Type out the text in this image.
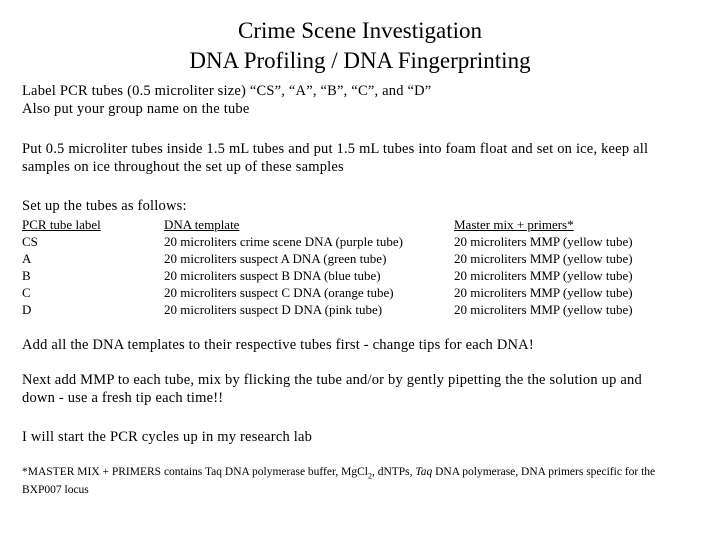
Crime Scene Investigation
DNA Profiling / DNA Fingerprinting
Label PCR tubes (0.5 microliter size) “CS”, “A”, “B”, “C”, and “D”
Also put your group name on the tube
Put 0.5 microliter tubes inside 1.5 mL tubes and put 1.5 mL tubes into foam float and set on ice, keep all
samples on ice throughout the set up of these samples
Set up the tubes as follows:
PCR tube label	DNA template	Master mix + primers*
CS	20 microliters crime scene DNA (purple tube)	20 microliters MMP (yellow tube)
A	20 microliters suspect A DNA (green tube)	20 microliters MMP (yellow tube)
B	20 microliters suspect B DNA (blue tube)	20 microliters MMP (yellow tube)
C	20 microliters suspect C DNA (orange tube)	20 microliters MMP (yellow tube)
D	20 microliters suspect D DNA (pink tube)	20 microliters MMP (yellow tube)
Add all the DNA templates to their respective tubes first - change tips for each DNA!
Next add MMP to each tube, mix by flicking the tube and/or by gently pipetting the the solution up and
down - use a fresh tip each time!!
I will start the PCR cycles up in my research lab
*MASTER MIX + PRIMERS contains Taq DNA polymerase buffer, MgCl$_2$, dNTPs, Taq DNA polymerase, DNA primers specific for the
BXP007 locus
